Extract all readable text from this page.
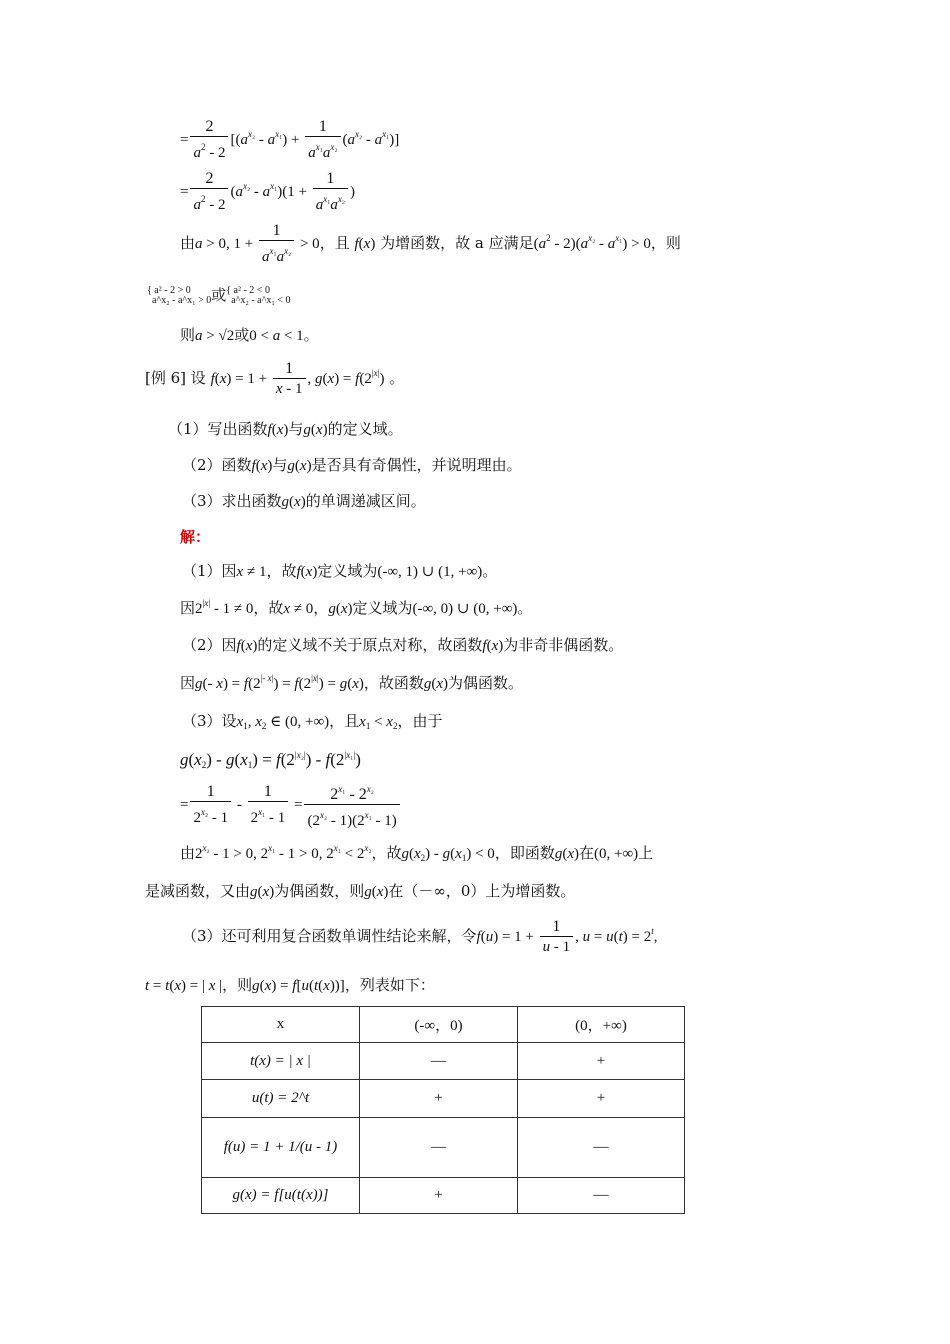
= $\frac{2}{a^2 - 2} [(a^{x_2} - a^{x_1}) + \frac{1}{a^{x_1}a^{x_2}} (a^{x_2} - a^{x_1})]$
= $\frac{2}{a^2 - 2} (a^{x_2} - a^{x_1})(1 + \frac{1}{a^{x_1}a^{x_2}}$ )
由a > 0, $1 + \frac{1}{a^{x_1}a^{x_2}} > 0$，且 f(x) 为增函数，故 a 应满足$(a^2 - 2)(a^{x_2} - a^{x_1}) > 0$，则
{ a² - 2 > 0
a^x₂ - a^x₁ > 0或{ a² - 2 < 0
a^x₂ - a^x₁ < 0
则a > √2或0 < a < 1。
[例 6] 设 $f(x) = 1 + \frac{1}{x - 1}$ , $g(x) = f(2^{|x|})$ 。
（1）写出函数f(x)与g(x)的定义域。
（2）函数f(x)与g(x)是否具有奇偶性，并说明理由。
（3）求出函数g(x)的单调递减区间。
解：
（1）因x ≠ 1，故f(x)定义域为(-∞, 1) ∪ (1, +∞)。
因$2^{|x|} - 1 \ne 0$，故x ≠ 0，g(x)定义域为(-∞, 0) ∪ (0, +∞)。
（2）因f(x)的定义域不关于原点对称，故函数f(x)为非奇非偶函数。
因g(- $x) = f(2^{|- x|}) = f(2^{|x|}) = g(x)$，故函数g(x)为偶函数。
（3）设$x_1$, $x_2$ ∈ (0, +∞)，且$x_1 < x_2$，由于
$g(x_2) - g(x_1) = f(2^{|x_2|}) - f(2^{|x_1|})$
= $\frac{1}{2^{x_2} - 1} - \frac{1}{2^{x_1} - 1} = \frac{2^{x_1} - 2^{x_2}}{(2^{x_2} - 1)(2^{x_1} - 1)}$
由$2^{x_2} - 1 > 0$, $2^{x_1} - 1 > 0$, $2^{x_1} < 2^{x_2}$，故$g(x_2) - g(x_1) < 0$，即函数g(x)在(0, +∞)上
是减函数，又由g(x)为偶函数，则g(x)在（－∞，0）上为增函数。
（3）还可利用复合函数单调性结论来解，令$f(u) = 1 + \frac{1}{u - 1}$ , $u = u(t) = 2^t$,
t = t(x) = | x |，则g(x) = f[u(t(x))]，列表如下：
x	(-∞，0)	(0，+∞)
t(x) = | x |	—	+
u(t) = 2^t	+	+
f(u) = 1 + 1/(u - 1)	—	—
g(x) = f[u(t(x))]	+	—
